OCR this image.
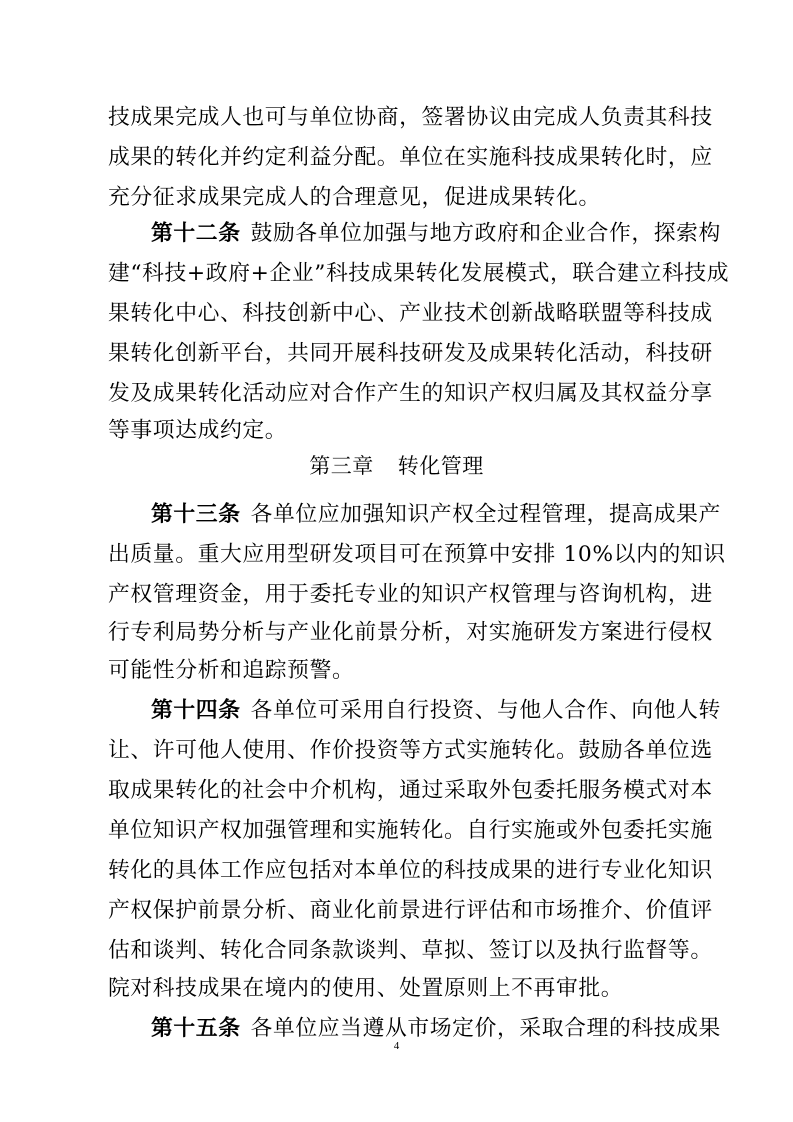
技成果完成人也可与单位协商，签署协议由完成人负责其科技
成果的转化并约定利益分配。单位在实施科技成果转化时，应
充分征求成果完成人的合理意见，促进成果转化。
第十二条 鼓励各单位加强与地方政府和企业合作，探索构
建“科技+政府+企业”科技成果转化发展模式，联合建立科技成
果转化中心、科技创新中心、产业技术创新战略联盟等科技成
果转化创新平台，共同开展科技研发及成果转化活动，科技研
发及成果转化活动应对合作产生的知识产权归属及其权益分享
等事项达成约定。
第三章 转化管理
第十三条 各单位应加强知识产权全过程管理，提高成果产
出质量。重大应用型研发项目可在预算中安排 10%以内的知识
产权管理资金，用于委托专业的知识产权管理与咨询机构，进
行专利局势分析与产业化前景分析，对实施研发方案进行侵权
可能性分析和追踪预警。
第十四条 各单位可采用自行投资、与他人合作、向他人转
让、许可他人使用、作价投资等方式实施转化。鼓励各单位选
取成果转化的社会中介机构，通过采取外包委托服务模式对本
单位知识产权加强管理和实施转化。自行实施或外包委托实施
转化的具体工作应包括对本单位的科技成果的进行专业化知识
产权保护前景分析、商业化前景进行评估和市场推介、价值评
估和谈判、转化合同条款谈判、草拟、签订以及执行监督等。
院对科技成果在境内的使用、处置原则上不再审批。
第十五条 各单位应当遵从市场定价，采取合理的科技成果
4
